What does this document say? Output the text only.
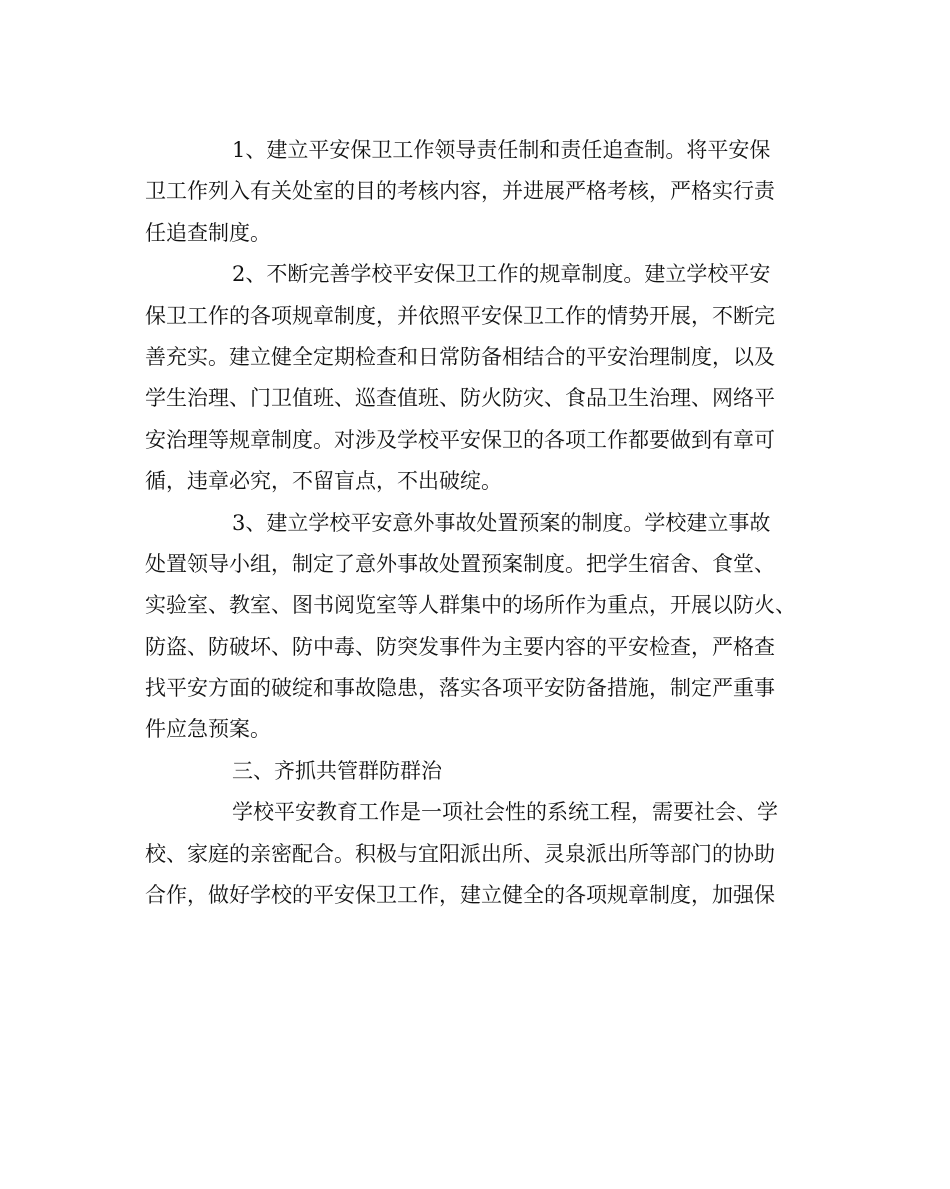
1、建立平安保卫工作领导责任制和责任追查制。将平安保
卫工作列入有关处室的目的考核内容，并进展严格考核，严格实行责
任追查制度。
2、不断完善学校平安保卫工作的规章制度。建立学校平安
保卫工作的各项规章制度，并依照平安保卫工作的情势开展，不断完
善充实。建立健全定期检查和日常防备相结合的平安治理制度，以及
学生治理、门卫值班、巡查值班、防火防灾、食品卫生治理、网络平
安治理等规章制度。对涉及学校平安保卫的各项工作都要做到有章可
循，违章必究，不留盲点，不出破绽。
3、建立学校平安意外事故处置预案的制度。学校建立事故
处置领导小组，制定了意外事故处置预案制度。把学生宿舍、食堂、
实验室、教室、图书阅览室等人群集中的场所作为重点，开展以防火、
防盗、防破坏、防中毒、防突发事件为主要内容的平安检查，严格查
找平安方面的破绽和事故隐患，落实各项平安防备措施，制定严重事
件应急预案。
三、齐抓共管群防群治
学校平安教育工作是一项社会性的系统工程，需要社会、学
校、家庭的亲密配合。积极与宜阳派出所、灵泉派出所等部门的协助
合作，做好学校的平安保卫工作，建立健全的各项规章制度，加强保
